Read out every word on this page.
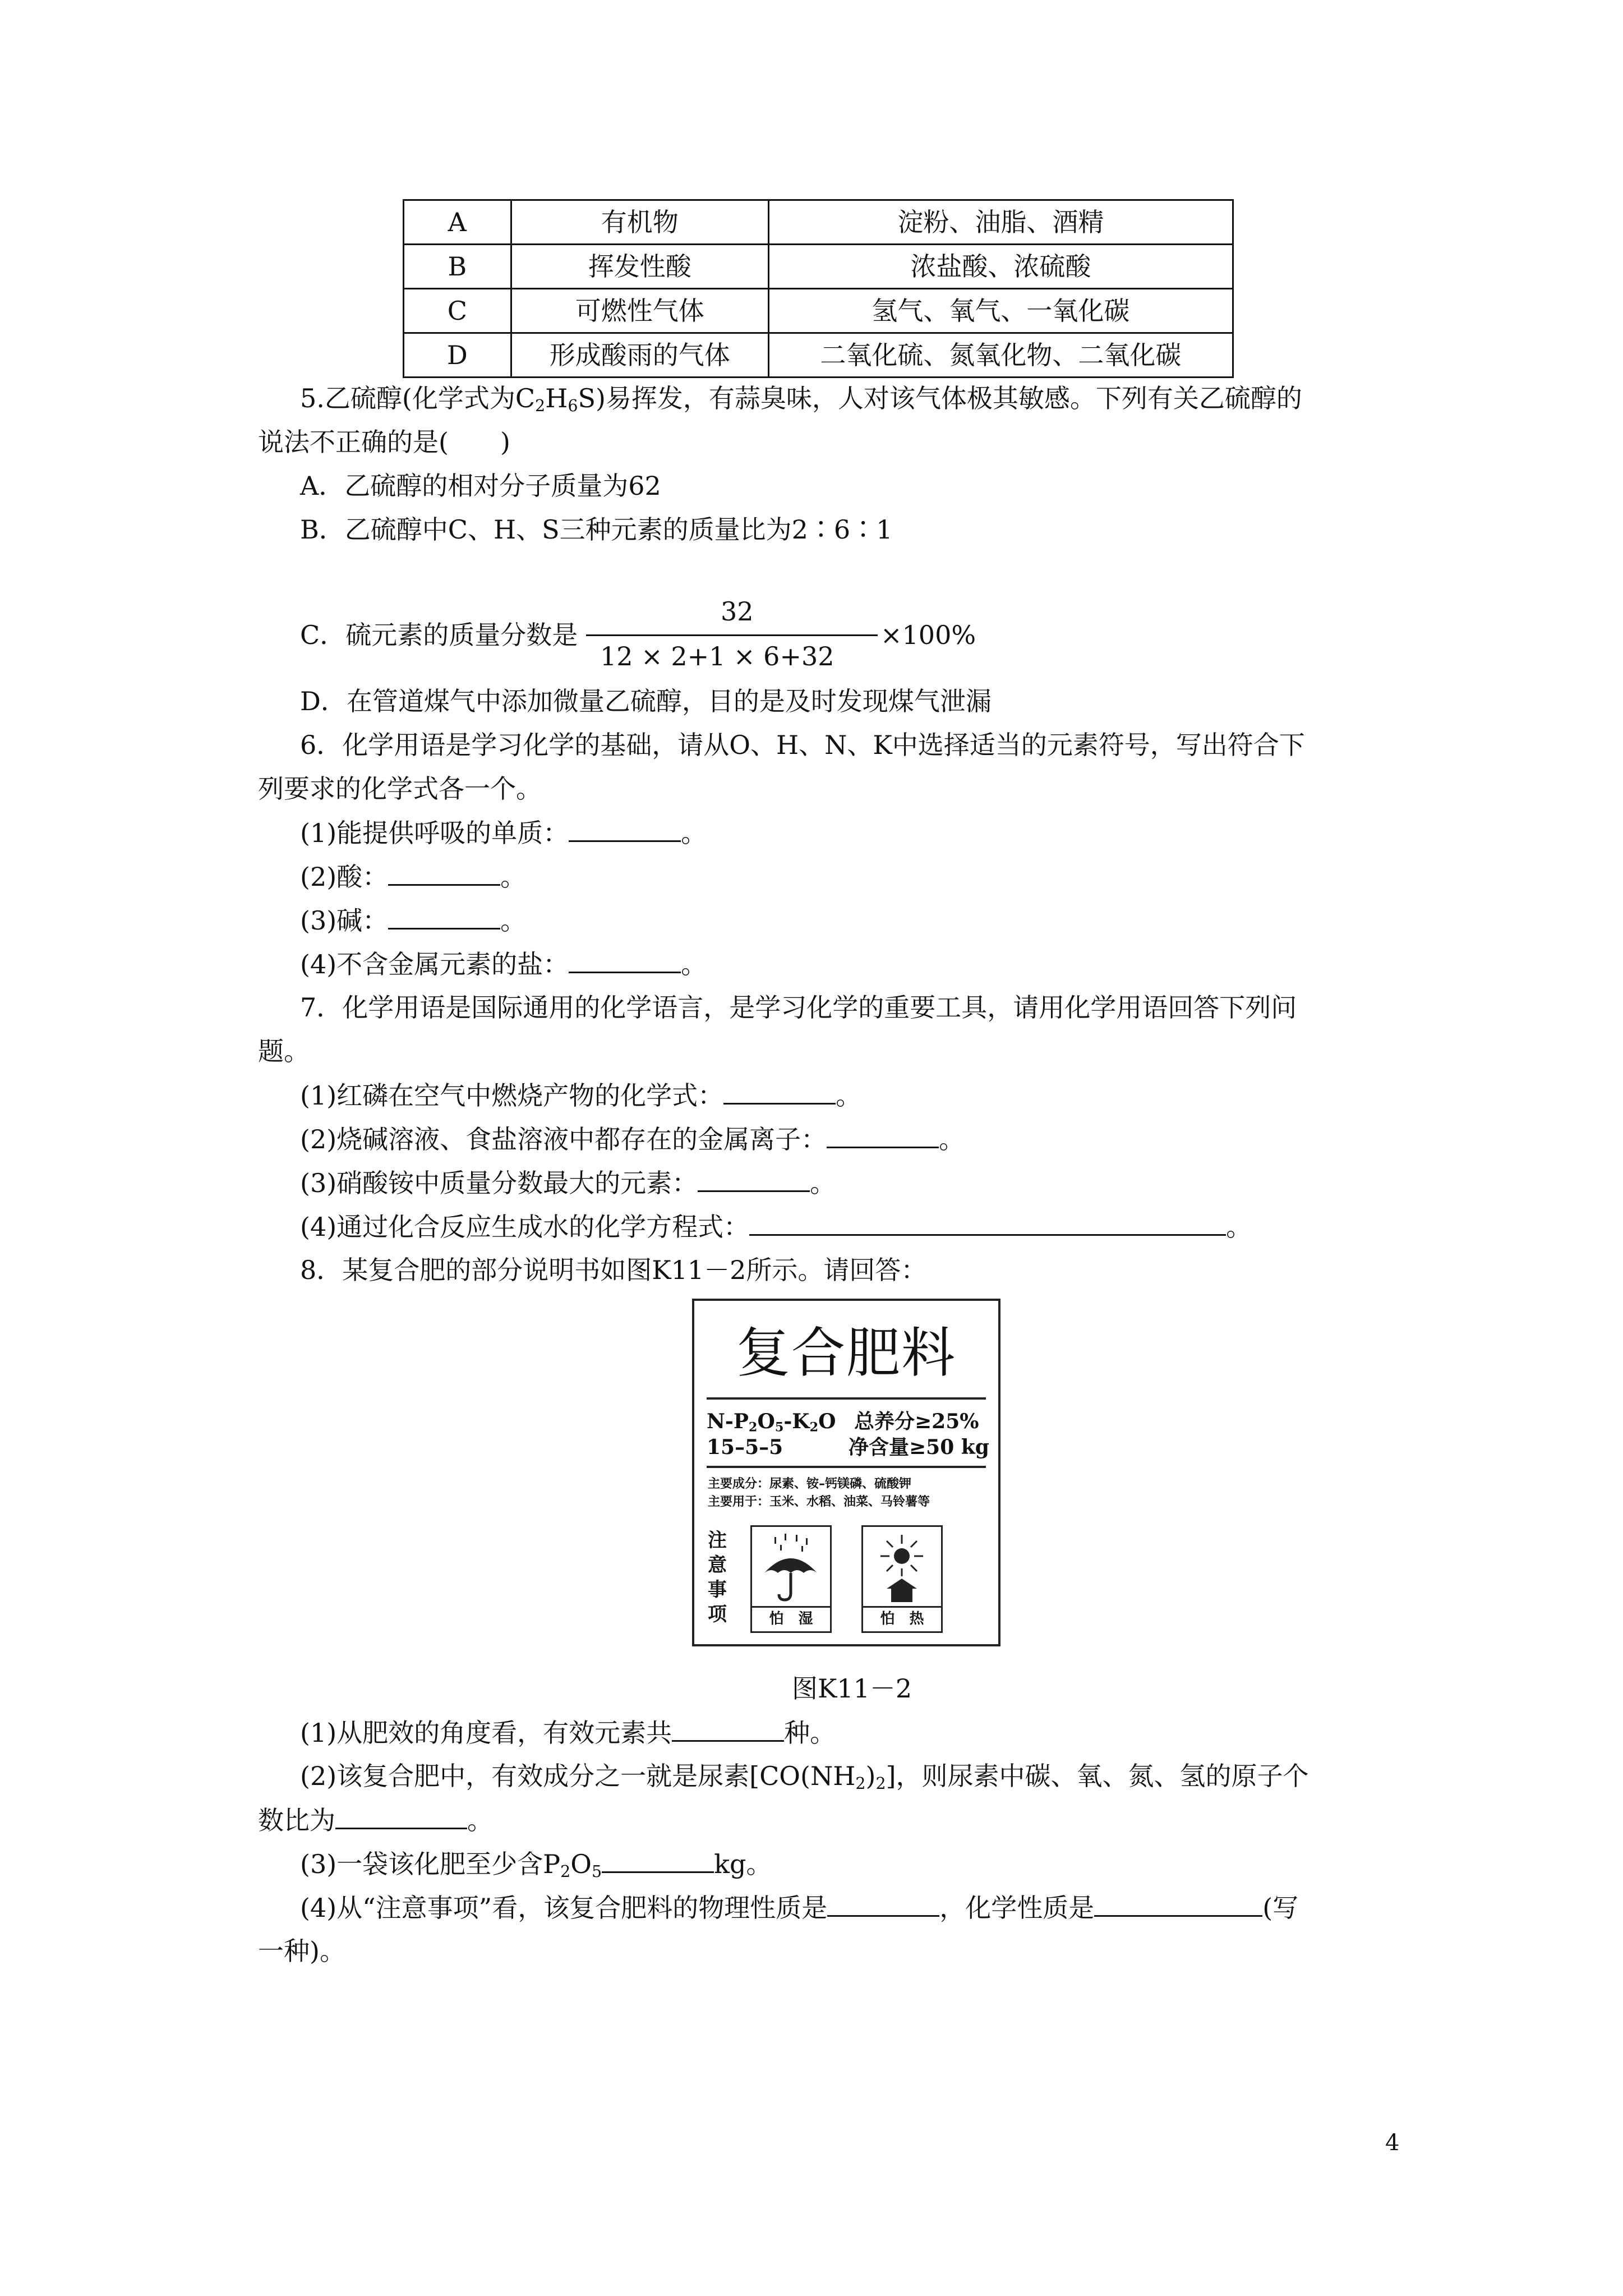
A	有机物	淀粉、油脂、酒精
B	挥发性酸	浓盐酸、浓硫酸
C	可燃性气体	氢气、氧气、一氧化碳
D	形成酸雨的气体	二氧化硫、氮氧化物、二氧化碳
5.乙硫醇(化学式为$C_2H_6S$)易挥发，有蒜臭味，人对该气体极其敏感。下列有关乙硫醇的
说法不正确的是(　　)
A．乙硫醇的相对分子质量为62
B．乙硫醇中C、H、S三种元素的质量比为2∶6∶1
C．硫元素的质量分数是
32
12 × 2+1 × 6+32
×100%
D．在管道煤气中添加微量乙硫醇，目的是及时发现煤气泄漏
6．化学用语是学习化学的基础，请从O、H、N、K中选择适当的元素符号，写出符合下
列要求的化学式各一个。
(1)能提供呼吸的单质：	。
(2)酸：	。
(3)碱：	。
(4)不含金属元素的盐：	。
7．化学用语是国际通用的化学语言，是学习化学的重要工具，请用化学用语回答下列问
题。
(1)红磷在空气中燃烧产物的化学式：	。
(2)烧碱溶液、食盐溶液中都存在的金属离子：	。
(3)硝酸铵中质量分数最大的元素：	。
(4)通过化合反应生成水的化学方程式：	。
8．某复合肥的部分说明书如图K11－2所示。请回答：
复合肥料
$N-P_2O_5-K_2O$ 总养分≥25%
15–5–5	净含量≥50 kg
主要成分：尿素、铵–钙镁磷、硫酸钾
主要用于：玉米、水稻、油菜、马铃薯等
注意事项	怕　湿	怕　热
图K11－2
(1)从肥效的角度看，有效元素共	种。
(2)该复合肥中，有效成分之一就是尿素$[CO(NH_2)_2]$，则尿素中碳、氧、氮、氢的原子个
数比为	。
(3)一袋该化肥至少含$P_2O_5$	kg。
(4)从“注意事项”看，该复合肥料的物理性质是	，化学性质是	(写
一种)。
4
